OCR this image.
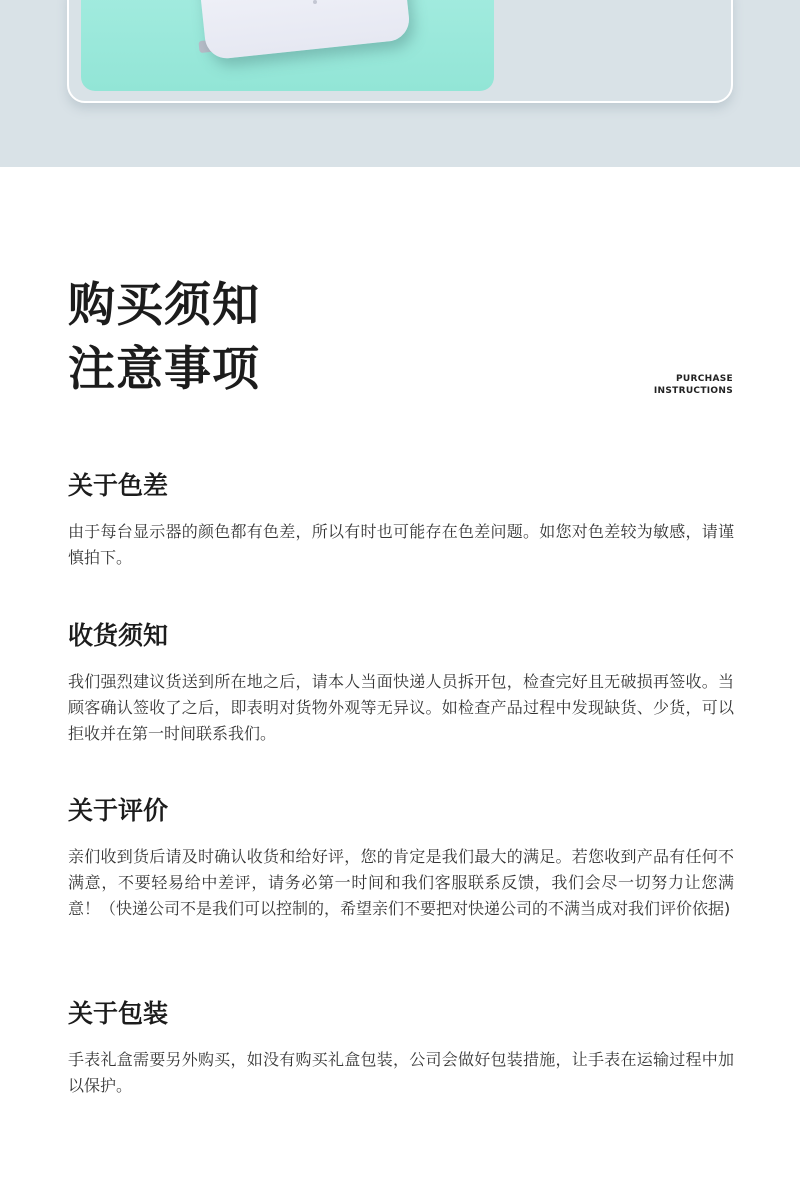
购买须知
注意事项	PURCHASE
INSTRUCTIONS
关于色差

由于每台显示器的颜色都有色差，所以有时也可能存在色差问题。如您对色差较为敏感，请谨慎拍下。

收货须知

我们强烈建议货送到所在地之后，请本人当面快递人员拆开包，检查完好且无破损再签收。当顾客确认签收了之后，即表明对货物外观等无异议。如检查产品过程中发现缺货、少货，可以拒收并在第一时间联系我们。

关于评价

亲们收到货后请及时确认收货和给好评，您的肯定是我们最大的满足。若您收到产品有任何不满意，不要轻易给中差评，请务必第一时间和我们客服联系反馈，我们会尽一切努力让您满意！（快递公司不是我们可以控制的，希望亲们不要把对快递公司的不满当成对我们评价依据)

关于包装

手表礼盒需要另外购买，如没有购买礼盒包装，公司会做好包装措施，让手表在运输过程中加以保护。
